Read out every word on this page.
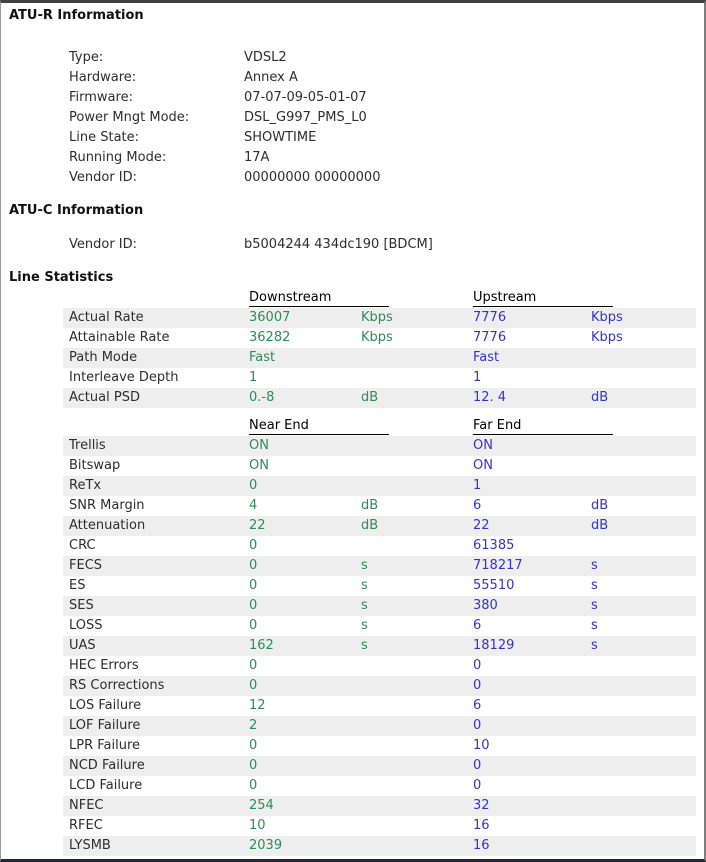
ATU-R Information
Type:	VDSL2
Hardware:	Annex A
Firmware:	07-07-09-05-01-07
Power Mngt Mode:	DSL_G997_PMS_L0
Line State:	SHOWTIME
Running Mode:	17A
Vendor ID:	00000000 00000000
ATU-C Information
Vendor ID:	b5004244 434dc190 [BDCM]
Line Statistics
Downstream	Upstream
Actual Rate	36007	Kbps	7776	Kbps
Attainable Rate	36282	Kbps	7776	Kbps
Path Mode	Fast	Fast
Interleave Depth	1	1
Actual PSD	0.-8	dB	12. 4	dB
Near End	Far End
Trellis	ON	ON
Bitswap	ON	ON
ReTx	0	1
SNR Margin	4	dB	6	dB
Attenuation	22	dB	22	dB
CRC	0	61385
FECS	0	s	718217	s
ES	0	s	55510	s
SES	0	s	380	s
LOSS	0	s	6	s
UAS	162	s	18129	s
HEC Errors	0	0
RS Corrections	0	0
LOS Failure	12	6
LOF Failure	2	0
LPR Failure	0	10
NCD Failure	0	0
LCD Failure	0	0
NFEC	254	32
RFEC	10	16
LYSMB	2039	16
